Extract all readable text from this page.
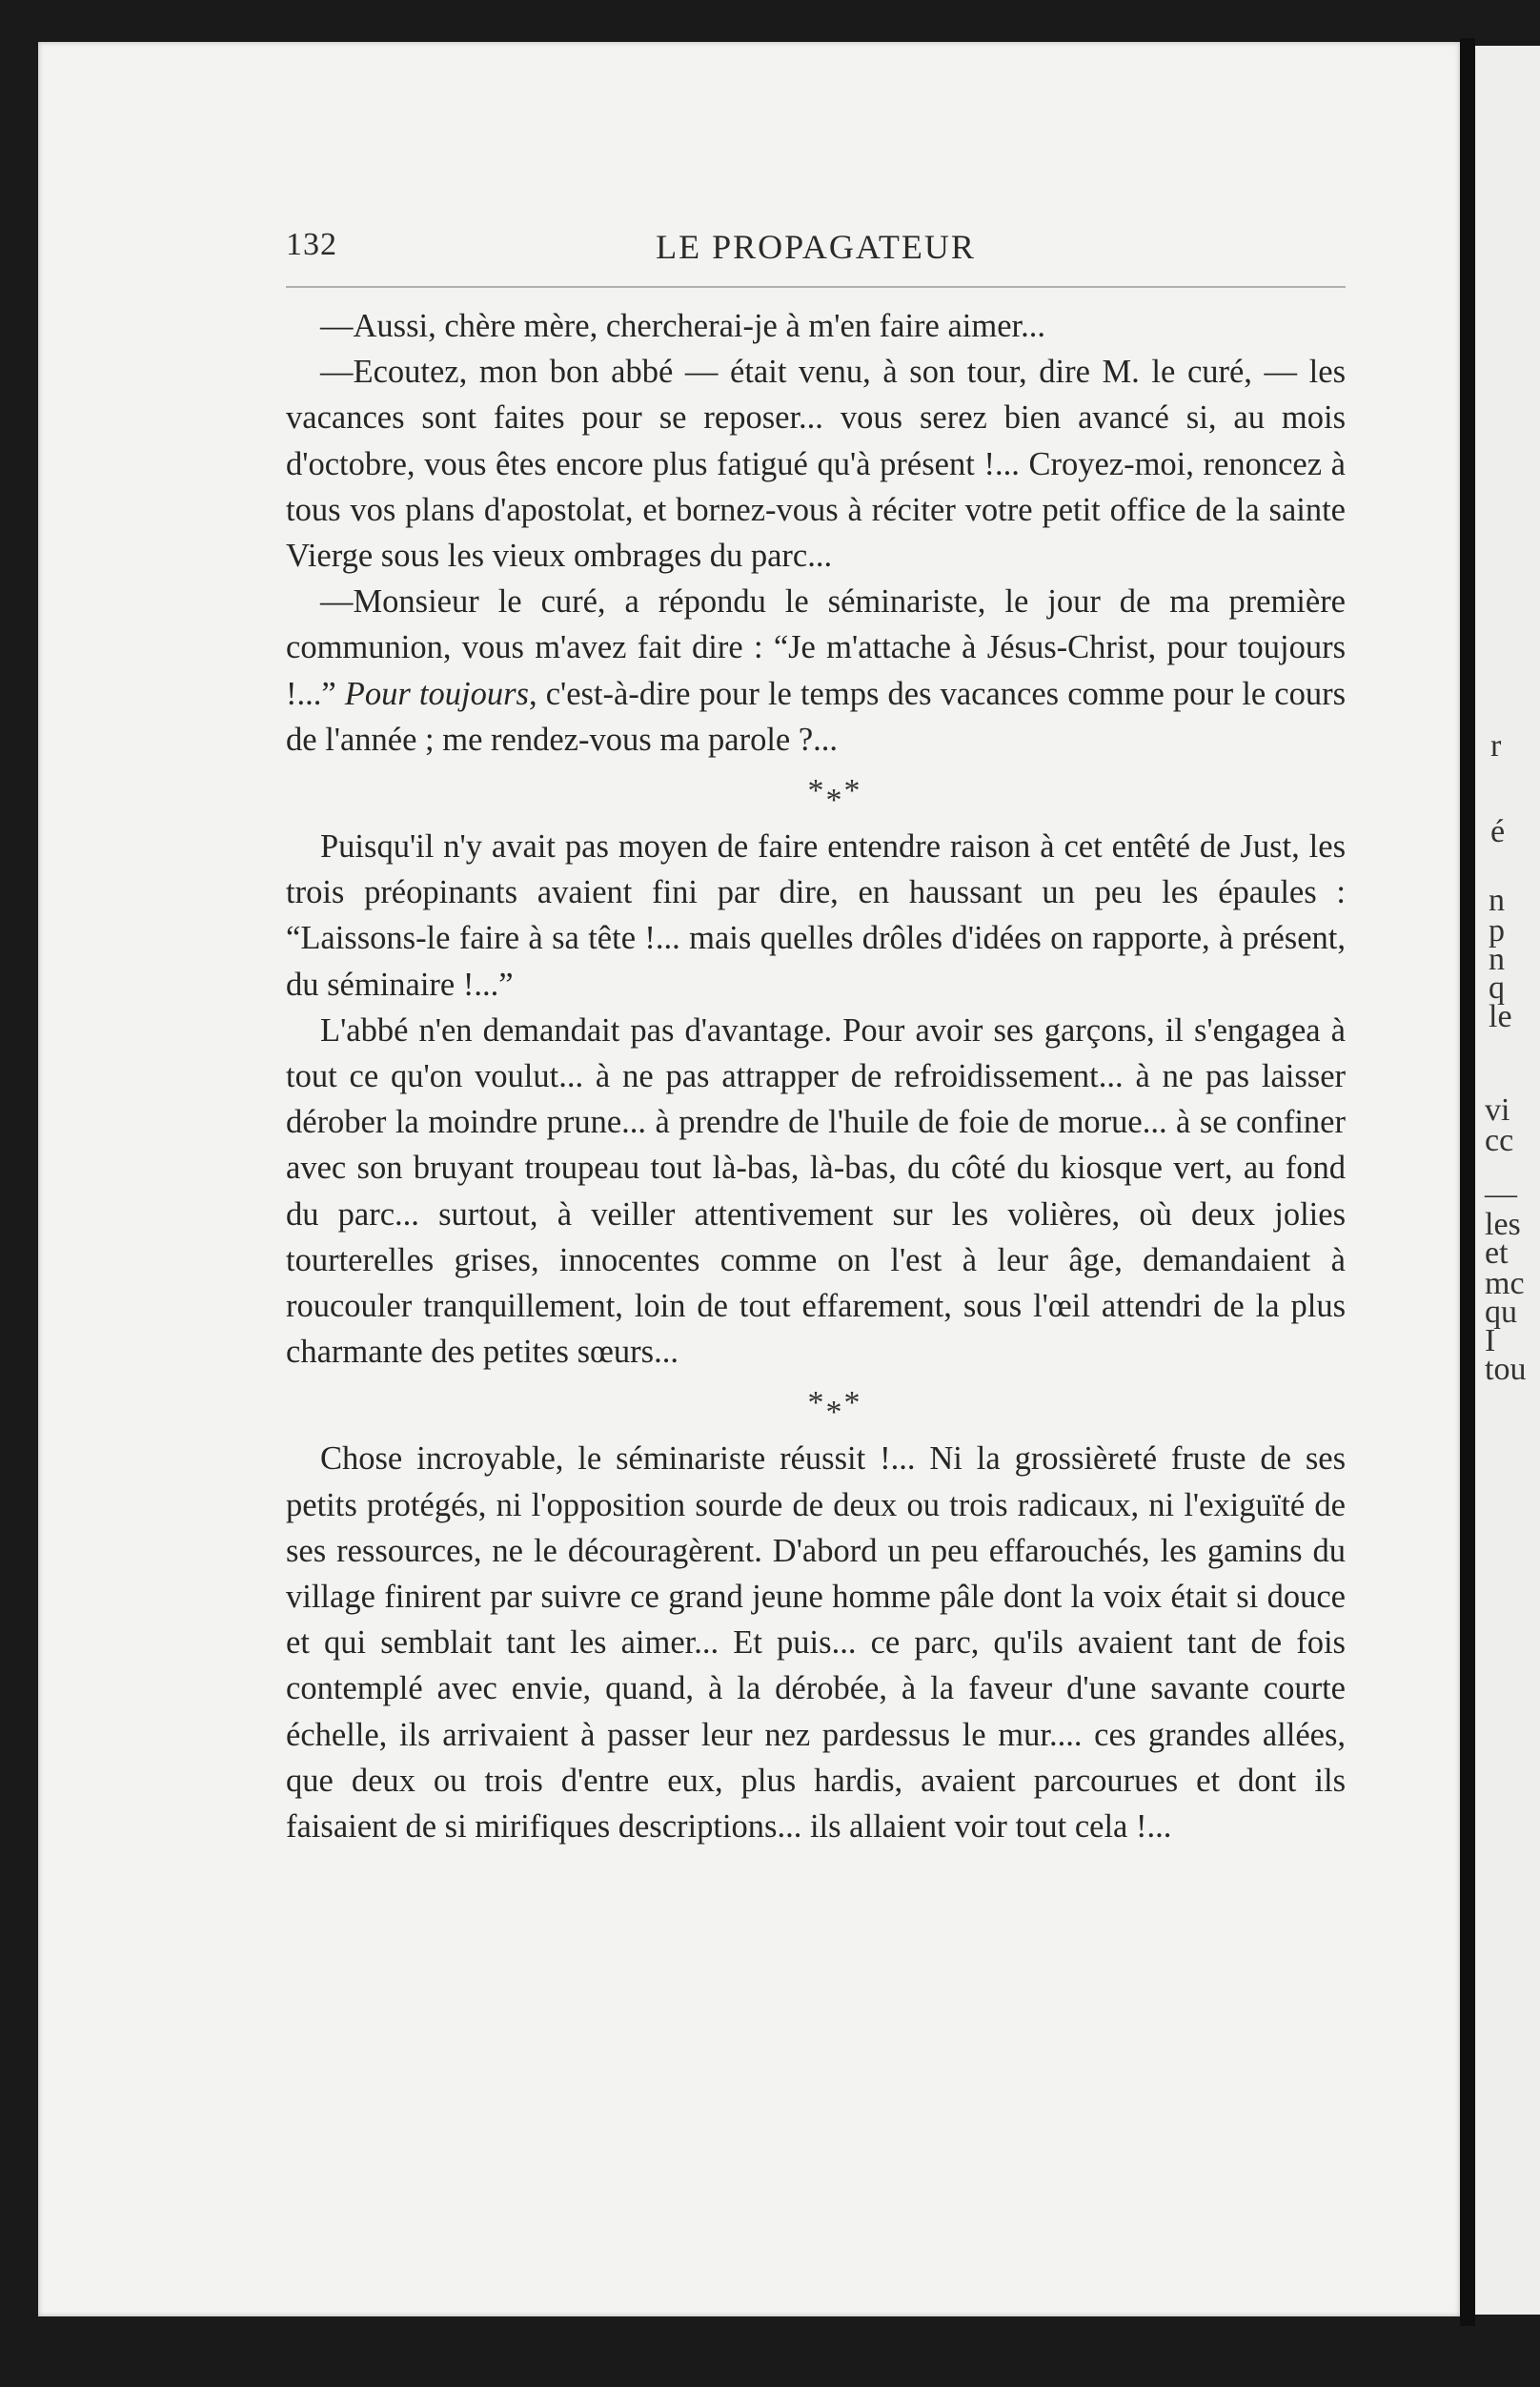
r
é
n
p
n
q
le
vi
cc
—
les
et
mc
qu
I
tou
132	LE PROPAGATEUR

—Aussi, chère mère, chercherai-je à m'en faire aimer...

—Ecoutez, mon bon abbé — était venu, à son tour, dire M. le curé, — les vacances sont faites pour se reposer... vous serez bien avancé si, au mois d'octobre, vous êtes encore plus fatigué qu'à présent !... Croyez-moi, renoncez à tous vos plans d'apostolat, et bornez-vous à réciter votre petit office de la sainte Vierge sous les vieux ombrages du parc...

—Monsieur le curé, a répondu le séminariste, le jour de ma première communion, vous m'avez fait dire : “Je m'attache à Jésus-Christ, pour toujours !...” Pour toujours, c'est-à-dire pour le temps des vacances comme pour le cours de l'année ; me rendez-vous ma parole ?...

***

Puisqu'il n'y avait pas moyen de faire entendre raison à cet entêté de Just, les trois préopinants avaient fini par dire, en haussant un peu les épaules : “Laissons-le faire à sa tête !... mais quelles drôles d'idées on rapporte, à présent, du séminaire !...”

L'abbé n'en demandait pas d'avantage. Pour avoir ses garçons, il s'engagea à tout ce qu'on voulut... à ne pas attrapper de refroidissement... à ne pas laisser dérober la moindre prune... à prendre de l'huile de foie de morue... à se confiner avec son bruyant troupeau tout là-bas, là-bas, du côté du kiosque vert, au fond du parc... surtout, à veiller attentivement sur les volières, où deux jolies tourterelles grises, innocentes comme on l'est à leur âge, demandaient à roucouler tranquillement, loin de tout effarement, sous l'œil attendri de la plus charmante des petites sœurs...

***

Chose incroyable, le séminariste réussit !... Ni la grossièreté fruste de ses petits protégés, ni l'opposition sourde de deux ou trois radicaux, ni l'exiguïté de ses ressources, ne le découragèrent. D'abord un peu effarouchés, les gamins du village finirent par suivre ce grand jeune homme pâle dont la voix était si douce et qui semblait tant les aimer... Et puis... ce parc, qu'ils avaient tant de fois contemplé avec envie, quand, à la dérobée, à la faveur d'une savante courte échelle, ils arrivaient à passer leur nez pardessus le mur.... ces grandes allées, que deux ou trois d'entre eux, plus hardis, avaient parcourues et dont ils faisaient de si mirifiques descriptions... ils allaient voir tout cela !...
